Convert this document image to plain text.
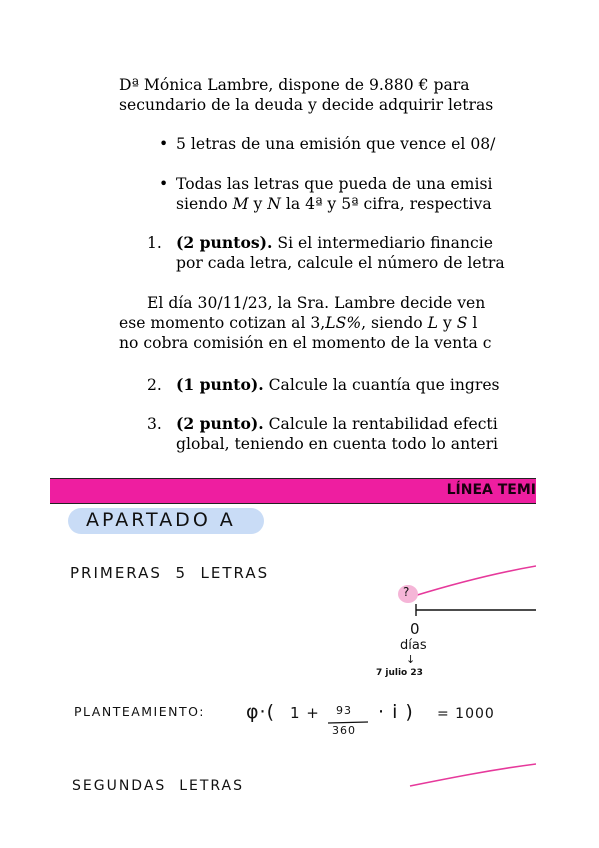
Dª Mónica Lambre, dispone de 9.880 € para
secundario de la deuda y decide adquirir letras
• 5 letras de una emisión que vence el 08/
• Todas las letras que pueda de una emisi
siendo M y N la 4ª y 5ª cifra, respectiva
1. (2 puntos). Si el intermediario financie
por cada letra, calcule el número de letra
El día 30/11/23, la Sra. Lambre decide ven
ese momento cotizan al 3,LS%, siendo L y S l
no cobra comisión en el momento de la venta c
2. (1 punto). Calcule la cuantía que ingres
3. (2 punto). Calcule la rentabilidad efecti
global, teniendo en cuenta todo lo anteri
LÍNEA TEMI
APARTADO A
PRIMERAS  5  LETRAS
?
0
días
↓
7 julio 23
PLANTEAMIENTO: φ·( 1 + 93
360
· i ) = 1000
SEGUNDAS  LETRAS
